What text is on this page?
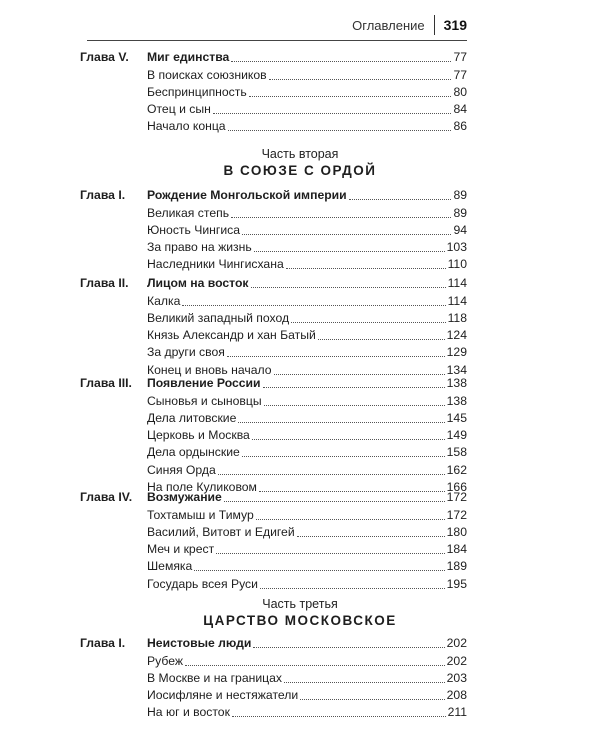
Оглавление 319
Глава V. Миг единства	77
В поисках союзников	77
Беспринципность	80
Отец и сын	84
Начало конца	86
Часть вторая
В СОЮЗЕ С ОРДОЙ
Глава I. Рождение Монгольской империи	89
Великая степь	89
Юность Чингиса	94
За право на жизнь	103
Наследники Чингисхана	110
Глава II. Лицом на восток	114
Калка	114
Великий западный поход	118
Князь Александр и хан Батый	124
За други своя	129
Конец и вновь начало	134
Глава III. Появление России	138
Сыновья и сыновцы	138
Дела литовские	145
Церковь и Москва	149
Дела ордынские	158
Синяя Орда	162
На поле Куликовом	166
Глава IV. Возмужание	172
Тохтамыш и Тимур	172
Василий, Витовт и Едигей	180
Меч и крест	184
Шемяка	189
Государь всея Руси	195
Часть третья
ЦАРСТВО МОСКОВСКОЕ
Глава I. Неистовые люди	202
Рубеж	202
В Москве и на границах	203
Иосифляне и нестяжатели	208
На юг и восток	211
